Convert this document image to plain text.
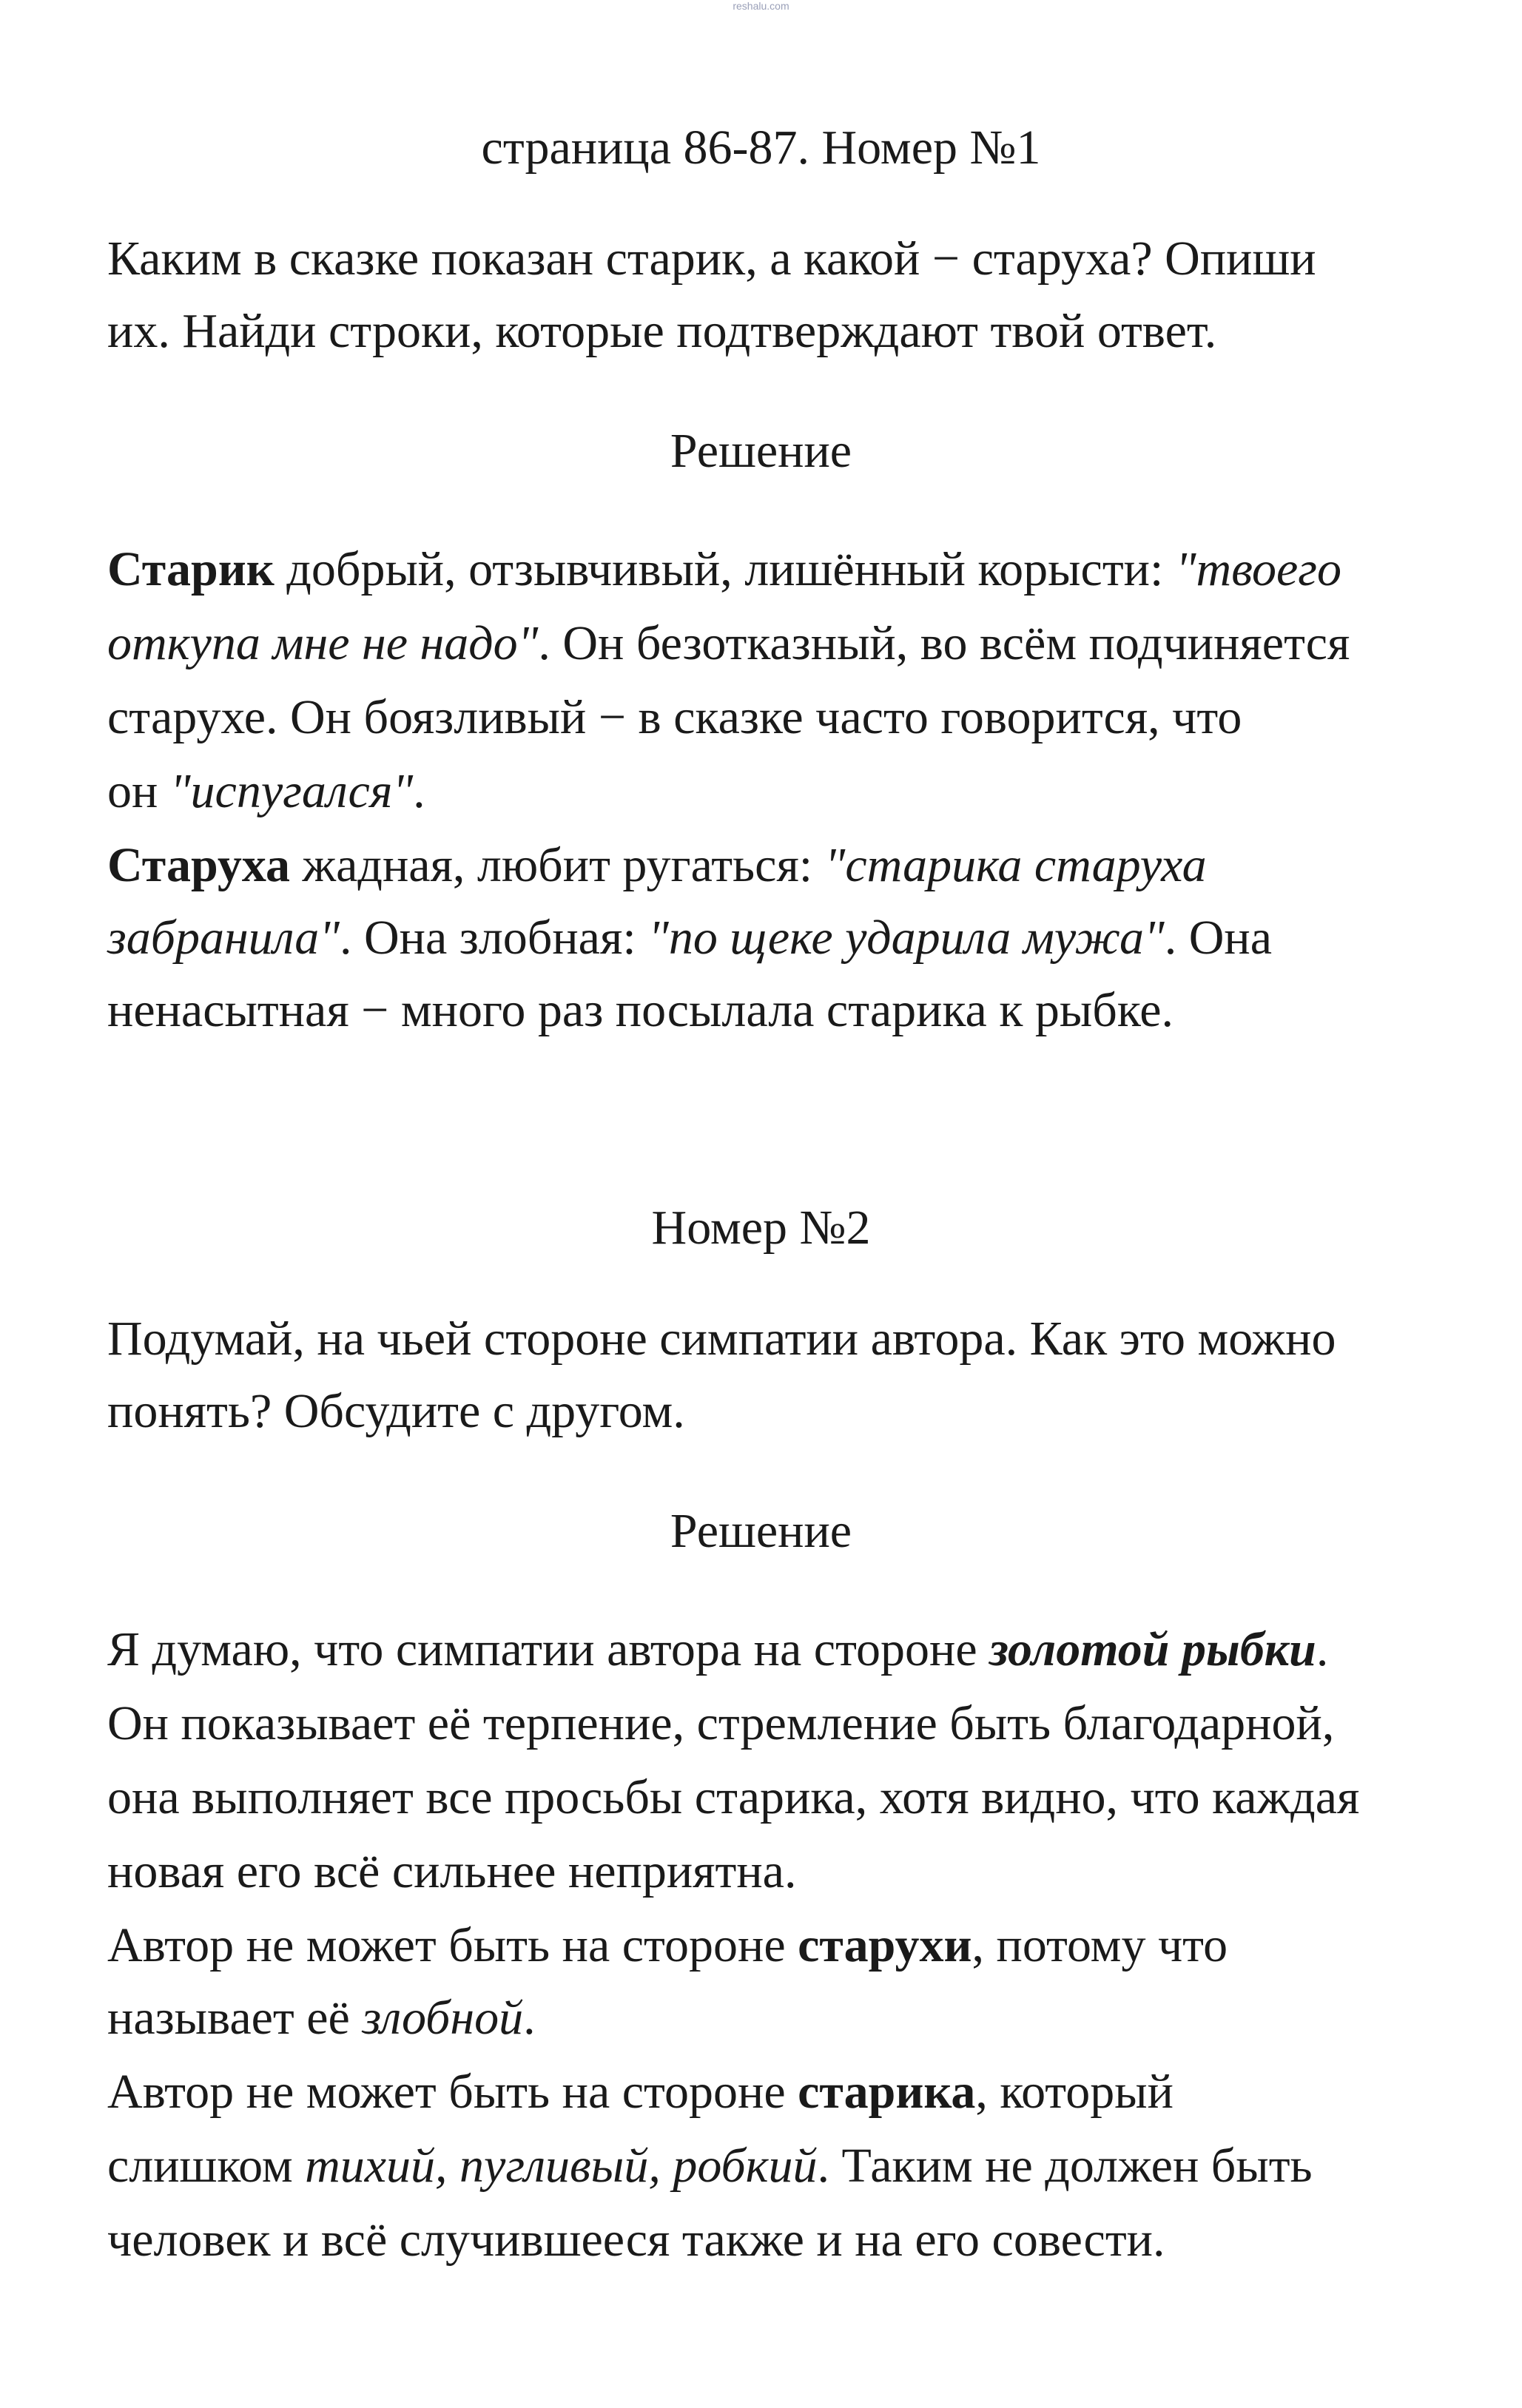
reshalu.com
страница 86-87. Номер №1
Каким в сказке показан старик, а какой − старуха? Опиши
их. Найди строки, которые подтверждают твой ответ.
Решение
Старик добрый, отзывчивый, лишённый корысти: "твоего
откупа мне не надо". Он безотказный, во всём подчиняется
старухе. Он боязливый − в сказке часто говорится, что
он "испугался".
Старуха жадная, любит ругаться: "старика старуха
забранила". Она злобная: "по щеке ударила мужа". Она
ненасытная − много раз посылала старика к рыбке.
Номер №2
Подумай, на чьей стороне симпатии автора. Как это можно
понять? Обсудите с другом.
Решение
Я думаю, что симпатии автора на стороне золотой рыбки.
Он показывает её терпение, стремление быть благодарной,
она выполняет все просьбы старика, хотя видно, что каждая
новая его всё сильнее неприятна.
Автор не может быть на стороне старухи, потому что
называет её злобной.
Автор не может быть на стороне старика, который
слишком тихий, пугливый, робкий. Таким не должен быть
человек и всё случившееся также и на его совести.
